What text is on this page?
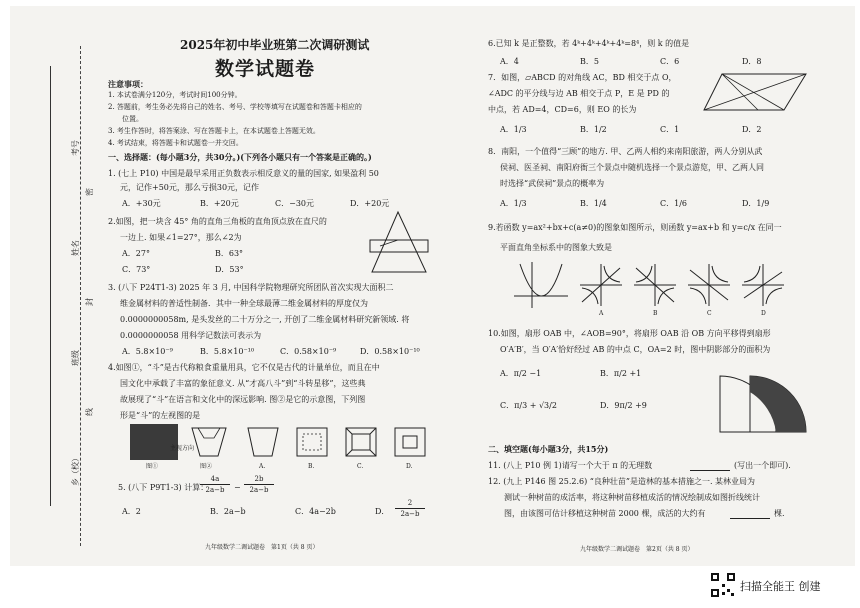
考号
姓名
班级
乡（校）
封
线
密
2025年初中毕业班第二次调研测试
数学试题卷
注意事项：
1. 本试卷满分120分，考试时间100分钟。
2. 答题前，考生务必先将自己的姓名、考号、学校等填写在试题卷和答题卡相应的
位置。
3. 考生作答时，将答案涂、写在答题卡上，在本试题卷上答题无效。
4. 考试结束，将答题卡和试题卷一并交回。
一、选择题：(每小题3分，共30分。)(下列各小题只有一个答案是正确的。)
1. (七上 P10) 中国是最早采用正负数表示相反意义的量的国家, 如果盈利 50
元，记作+50元，那么亏损30元，记作
A．+30元	B．+20元	C．−30元	D．+20元
2.如图，把一块含 45° 角的直角三角板的直角顶点放在直尺的
一边上. 如果∠1=27°，那么∠2为
A．27°	B．63°
C．73°	D．53°
3. (八下 P24T1-3) 2025 年 3 月, 中国科学院物理研究所团队首次实现大面积二
维金属材料的普适性制备．其中一种全球最薄二维金属材料的厚度仅为
0.0000000058m, 是头发丝的二十万分之一, 开创了二维金属材料研究新领域. 将
0.0000000058 用科学记数法可表示为
A．5.8×10⁻⁹	B．5.8×10⁻¹⁰	C．0.58×10⁻⁹	D．0.58×10⁻¹⁰
4.如图①，“斗”是古代称粮食重量用具，它不仅是古代的计量单位，而且在中
国文化中承载了丰富的象征意义. 从“才高八斗”到“斗转星移”，这些典
故展现了“斗”在语言和文化中的深远影响. 图②是它的示意图，下列图
形是“斗”的左视图的是
主视方向
图①	图②	A.	B.	C.	D.
5. (八下 P9T1-3) 计算：
$\frac{4a}{2a-b} - \frac{2b}{2a-b}$
A．2	B．2a−b	C．4a−2b	D． $\frac{2}{2a-b}$
九年级数学二调试题卷　第1页（共 8 页）
6.已知 k 是正整数，若 4ᵏ+4ᵏ+4ᵏ+4ᵏ=8⁴，则 k 的值是
A．4	B．5	C．6	D．8
7．如图，▱ABCD 的对角线 AC，BD 相交于点 O，
∠ADC 的平分线与边 AB 相交于点 P，E 是 PD 的
中点，若 AD=4，CD=6，则 EO 的长为
A．1/3	B．1/2	C．1	D．2
8．南阳，一个值得“三顾”的地方. 甲、乙两人相约来南阳旅游，两人分别从武
侯祠、医圣祠、南阳府衙三个景点中随机选择一个景点游览，甲、乙两人同
时选择“武侯祠”景点的概率为
A．1/3	B．1/4	C．1/6	D．1/9
9.若函数 y=ax²+bx+c(a≠0)的图象如图所示，则函数 y=ax+b 和 y=c/x 在同一
平面直角坐标系中的图象大致是
A	B	C	D
10.如图，扇形 OAB 中，∠AOB=90°，将扇形 OAB 沿 OB 方向平移得到扇形
O′A′B′，当 O′A′恰好经过 AB 的中点 C，OA=2 时，图中阴影部分的面积为
A．π/2 −1	B．π/2 +1
C．π/3 + √3/2	D．9π/2 +9
二、填空题(每小题3分，共15分)
11. (八上 P10 例 1)请写一个大于 π 的无理数	(写出一个即可).
12. (九上 P146 图 25.2.6) “良种壮苗”是造林的基本措施之一. 某林业局为
测试一种树苗的成活率，将这种树苗移植成活的情况绘制成如图折线统计
图，由该图可估计移植这种树苗 2000 棵，成活的大约有	棵.
九年级数学二调试题卷　第2页（共 8 页）
扫描全能王 创建
